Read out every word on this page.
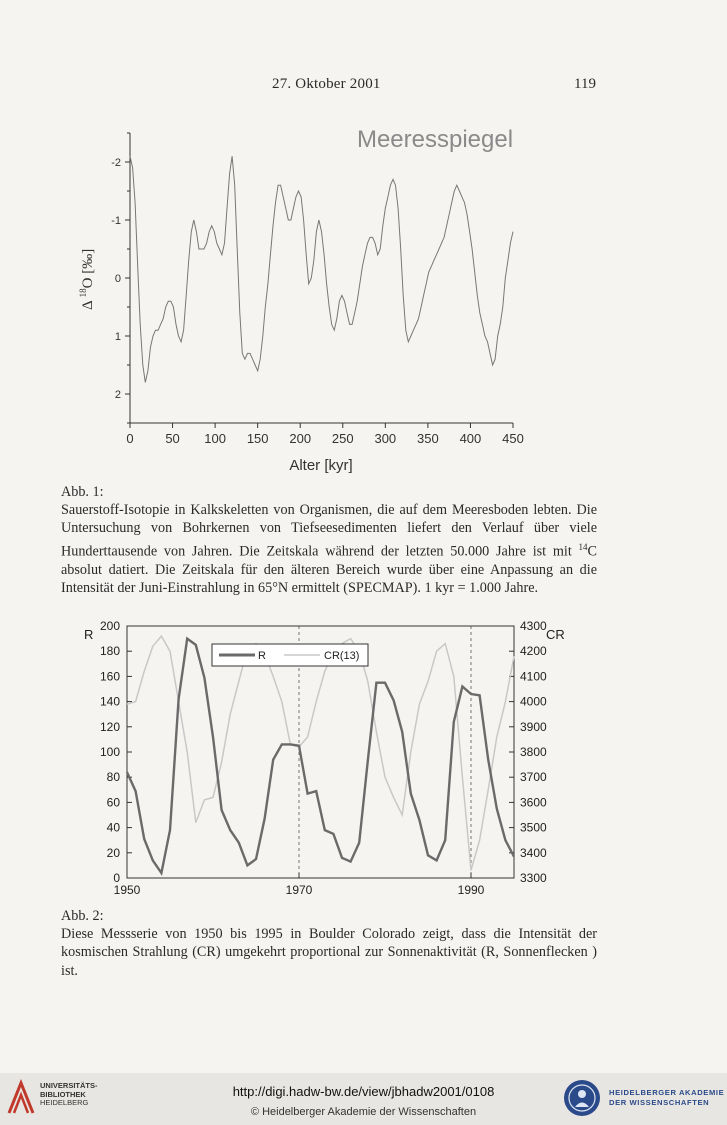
27. Oktober 2001	119
Meeresspiegel
0 50 100 150 200 250 300 350 400 450
-2
-1
0
1
2
Alter [kyr]
$\Delta^{18}O$ [‰]
Abb. 1:
Sauerstoff-Isotopie in Kalkskeletten von Organismen, die auf dem Meeresboden lebten. Die Untersuchung von Bohrkernen von Tiefseesedimenten liefert den Verlauf über viele Hunderttausende von Jahren. Die Zeitskala während der letzten 50.000 Jahre ist mit $^{14}$C absolut datiert. Die Zeitskala für den älteren Bereich wurde über eine Anpassung an die Intensität der Juni-Einstrahlung in 65°N ermittelt (SPECMAP). 1 kyr = 1.000 Jahre.
0
20
40
60
80
100
120
140
160
180
200
3300
3400
3500
3600
3700
3800
3900
4000
4100
4200
4300
1950	1970	1990
R	CR(13)
R	CR
Abb. 2:
Diese Messserie von 1950 bis 1995 in Boulder Colorado zeigt, dass die Intensität der kosmischen Strahlung (CR) umgekehrt proportional zur Sonnenaktivität (R, Sonnenflecken ) ist.
UNIVERSITÄTS-
BIBLIOTHEK
HEIDELBERG
http://digi.hadw-bw.de/view/jbhadw2001/0108
© Heidelberger Akademie der Wissenschaften
HEIDELBERGER AKADEMIE
DER WISSENSCHAFTEN
